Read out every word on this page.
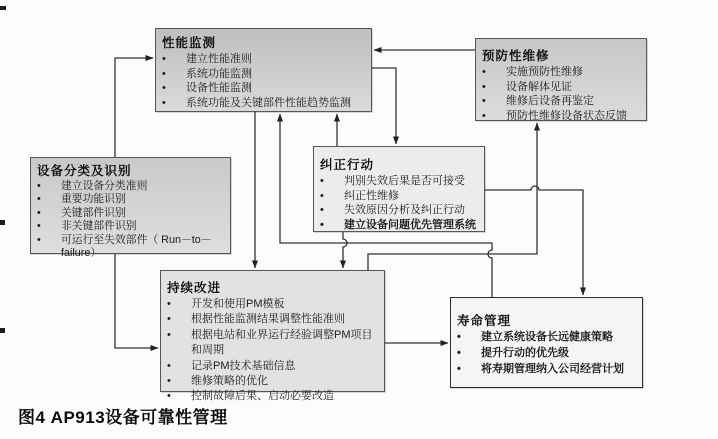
性能监测
•	建立性能准则
•	系统功能监测
•	设备性能监测
•	系统功能及关键部件性能趋势监测
预防性维修
•	实施预防性维修
•	设备解体见证
•	维修后设备再鉴定
•	预防性维修设备状态反馈
设备分类及识别
•	建立设备分类准则
•	重要功能识别
•	关键部件识别
•	非关键部件识别
•	可运行至失效部件（ Run－to－failure）
纠正行动
•	判别失效后果是否可接受
•	纠正性维修
•	失效原因分析及纠正行动
•	建立设备问题优先管理系统
持续改进
•	开发和使用PM模板
•	根据性能监测结果调整性能准则
•	根据电站和业界运行经验调整PM项目和周期
•	记录PM技术基础信息
•	维修策略的优化
•	控制故障后果、启动必要改造
寿命管理
•	建立系统设备长远健康策略
•	提升行动的优先级
•	将寿期管理纳入公司经营计划
图4 AP913设备可靠性管理
